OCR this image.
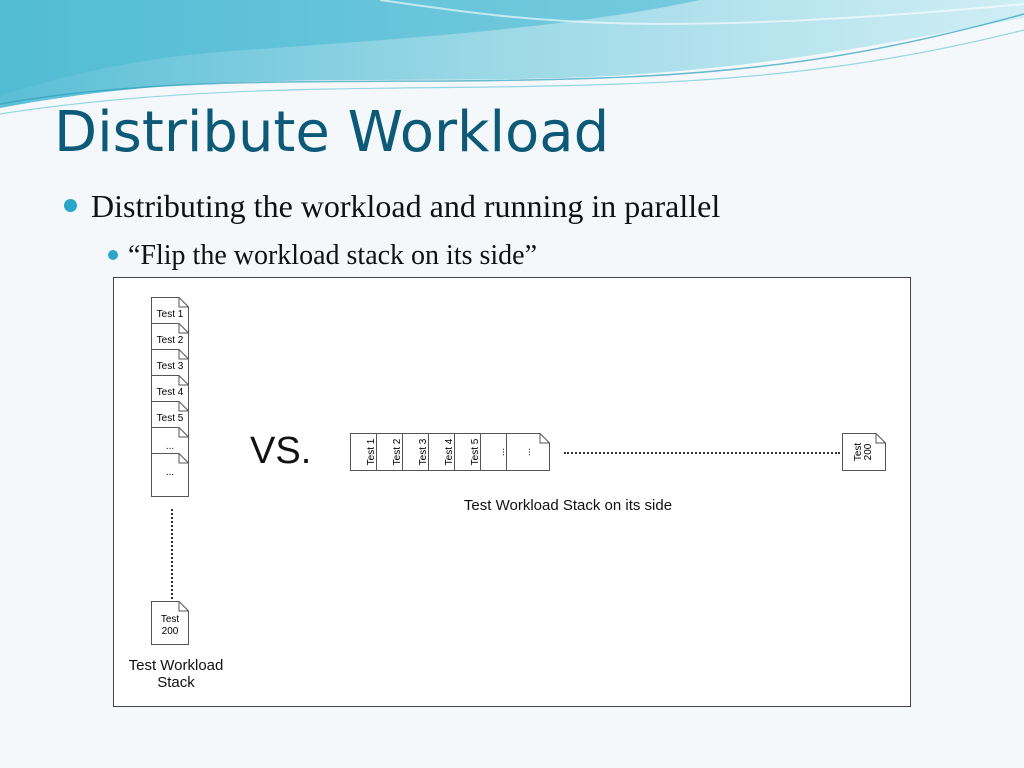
Distribute Workload
Distributing the workload and running in parallel
“Flip the workload stack on its side”
Test 1
Test 2
Test 3
Test 4
Test 5
...
...
Test
200
Test Workload
Stack
VS.	Test 1 Test 2 Test 3 Test 4 Test 5 ... ...	Test
200
Test Workload Stack on its side
